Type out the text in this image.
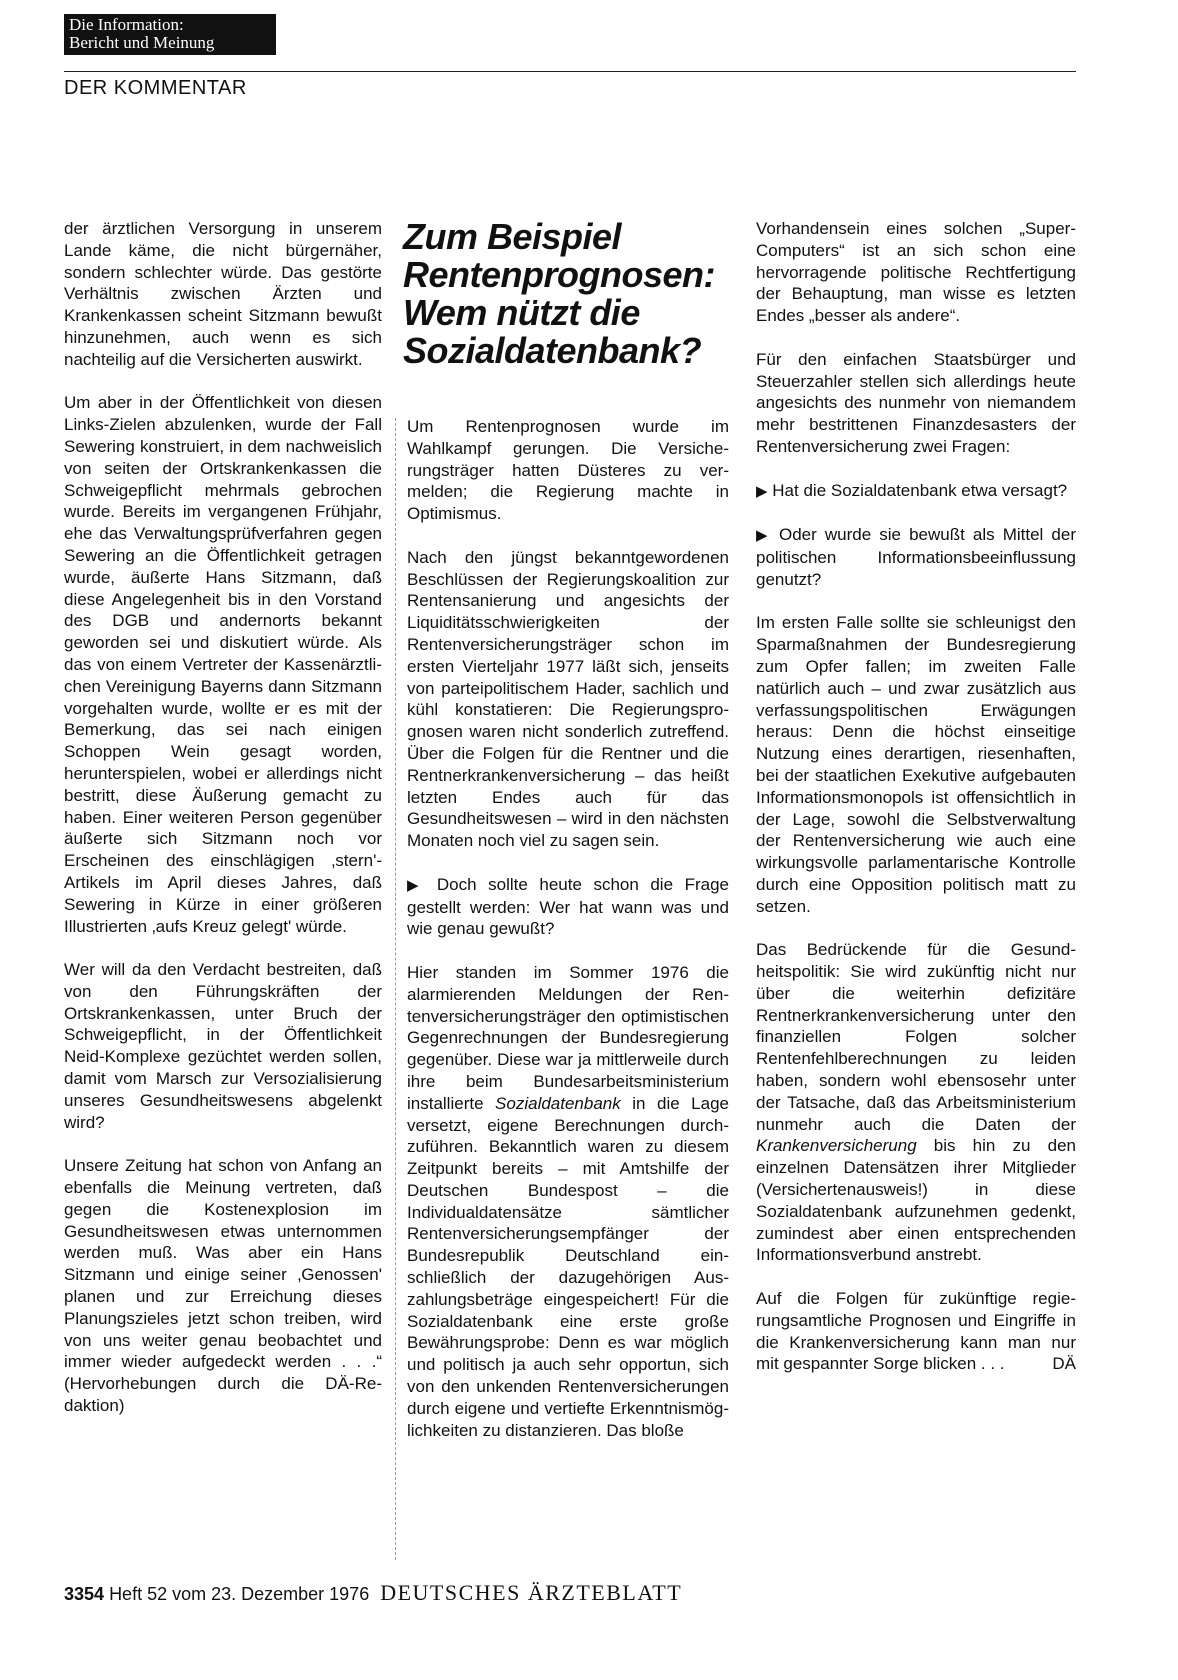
Die Information:
Bericht und Meinung
DER KOMMENTAR

der ärztlichen Versorgung in unserem Lande käme, die nicht bürgernäher, sondern schlechter würde. Das gestörte Verhältnis zwischen Ärzten und Krankenkassen scheint Sitzmann bewußt hinzunehmen, auch wenn es sich nachteilig auf die Versicherten auswirkt.

Um aber in der Öffentlichkeit von diesen Links-Zielen abzulenken, wurde der Fall Sewering konstruiert, in dem nachweislich von seiten der Ortskrankenkassen die Schweigepflicht mehrmals gebrochen wurde. Bereits im vergangenen Frühjahr, ehe das Verwaltungsprüfverfahren gegen Sewering an die Öffentlichkeit getragen wurde, äußerte Hans Sitzmann, daß diese Angelegenheit bis in den Vorstand des DGB und andernorts bekannt geworden sei und diskutiert würde. Als das von einem Vertreter der Kassenärztlichen Vereinigung Bayerns dann Sitzmann vorgehalten wurde, wollte er es mit der Bemerkung, das sei nach einigen Schoppen Wein gesagt worden, herunterspielen, wobei er allerdings nicht bestritt, diese Äußerung gemacht zu haben. Einer weiteren Person gegenüber äußerte sich Sitzmann noch vor Erscheinen des einschlägigen ‚stern'-Artikels im April dieses Jahres, daß Sewering in Kürze in einer größeren Illustrierten ‚aufs Kreuz gelegt' würde.

Wer will da den Verdacht bestreiten, daß von den Führungskräften der Ortskrankenkassen, unter Bruch der Schweigepflicht, in der Öffentlichkeit Neid-Komplexe gezüchtet werden sollen, damit vom Marsch zur Versozialisierung unseres Gesundheitswesens abgelenkt wird?

Unsere Zeitung hat schon von Anfang an ebenfalls die Meinung vertreten, daß gegen die Kostenexplosion im Gesundheitswesen etwas unternommen werden muß. Was aber ein Hans Sitzmann und einige seiner ‚Genossen' planen und zur Erreichung dieses Planungszieles jetzt schon treiben, wird von uns weiter genau beobachtet und immer wieder aufgedeckt werden . . .“ (Hervorhebungen durch die DÄ-Redaktion)

Zum Beispiel
Rentenprognosen:
Wem nützt die
Sozialdatenbank?

Um Rentenprognosen wurde im Wahlkampf gerungen. Die Versicherungsträger hatten Düsteres zu vermelden; die Regierung machte in Optimismus.

Nach den jüngst bekanntgewordenen Beschlüssen der Regierungskoalition zur Rentensanierung und angesichts der Liquiditätsschwierigkeiten der Rentenversicherungsträger schon im ersten Vierteljahr 1977 läßt sich, jenseits von parteipolitischem Hader, sachlich und kühl konstatieren: Die Regierungsprognosen waren nicht sonderlich zutreffend. Über die Folgen für die Rentner und die Rentnerkrankenversicherung – das heißt letzten Endes auch für das Gesundheitswesen – wird in den nächsten Monaten noch viel zu sagen sein.

▶ Doch sollte heute schon die Frage gestellt werden: Wer hat wann was und wie genau gewußt?

Hier standen im Sommer 1976 die alarmierenden Meldungen der Rentenversicherungsträger den optimistischen Gegenrechnungen der Bundesregierung gegenüber. Diese war ja mittlerweile durch ihre beim Bundesarbeitsministerium installierte Sozialdatenbank in die Lage versetzt, eigene Berechnungen durchzuführen. Bekanntlich waren zu diesem Zeitpunkt bereits – mit Amtshilfe der Deutschen Bundespost – die Individualdatensätze sämtlicher Rentenversicherungsempfänger der Bundesrepublik Deutschland einschließlich der dazugehörigen Auszahlungsbeträge eingespeichert! Für die Sozialdatenbank eine erste große Bewährungsprobe: Denn es war möglich und politisch ja auch sehr opportun, sich von den unkenden Rentenversicherungen durch eigene und vertiefte Erkenntnismöglichkeiten zu distanzieren. Das bloße

Vorhandensein eines solchen „Super-Computers“ ist an sich schon eine hervorragende politische Rechtfertigung der Behauptung, man wisse es letzten Endes „besser als andere“.

Für den einfachen Staatsbürger und Steuerzahler stellen sich allerdings heute angesichts des nunmehr von niemandem mehr bestrittenen Finanzdesasters der Rentenversicherung zwei Fragen:

▶ Hat die Sozialdatenbank etwa versagt?

▶ Oder wurde sie bewußt als Mittel der politischen Informationsbeeinflussung genutzt?

Im ersten Falle sollte sie schleunigst den Sparmaßnahmen der Bundesregierung zum Opfer fallen; im zweiten Falle natürlich auch – und zwar zusätzlich aus verfassungspolitischen Erwägungen heraus: Denn die höchst einseitige Nutzung eines derartigen, riesenhaften, bei der staatlichen Exekutive aufgebauten Informationsmonopols ist offensichtlich in der Lage, sowohl die Selbstverwaltung der Rentenversicherung wie auch eine wirkungsvolle parlamentarische Kontrolle durch eine Opposition politisch matt zu setzen.

Das Bedrückende für die Gesundheitspolitik: Sie wird zukünftig nicht nur über die weiterhin defizitäre Rentnerkrankenversicherung unter den finanziellen Folgen solcher Rentenfehlberechnungen zu leiden haben, sondern wohl ebensosehr unter der Tatsache, daß das Arbeitsministerium nunmehr auch die Daten der Krankenversicherung bis hin zu den einzelnen Datensätzen ihrer Mitglieder (Versichertenausweis!) in diese Sozialdatenbank aufzunehmen gedenkt, zumindest aber einen entsprechenden Informationsverbund anstrebt.

Auf die Folgen für zukünftige regierungsamtliche Prognosen und Eingriffe in die Krankenversicherung kann man nur mit gespannter Sorge blicken . . .	DÄ

3354 Heft 52 vom 23. Dezember 1976 DEUTSCHES ÄRZTEBLATT
